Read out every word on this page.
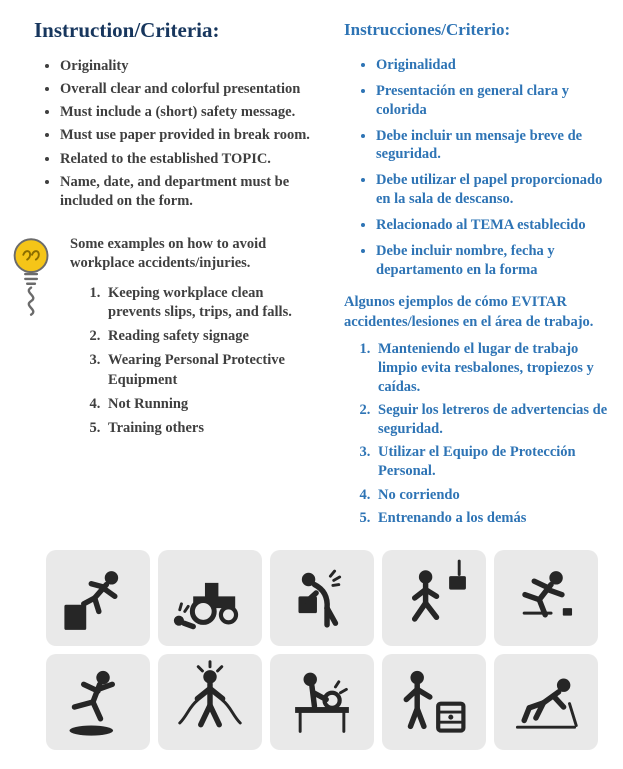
Instruction/Criteria:
• Originality
• Overall clear and colorful presentation
• Must include a (short) safety message.
• Must use paper provided in break room.
• Related to the established TOPIC.
• Name, date, and department must be included on the form.

Some examples on how to avoid workplace accidents/injuries.

1. Keeping workplace clean prevents slips, trips, and falls.
2. Reading safety signage
3. Wearing Personal Protective Equipment
4. Not Running
5. Training others
Instrucciones/Criterio:
• Originalidad
• Presentación en general clara y colorida
• Debe incluir un mensaje breve de seguridad.
• Debe utilizar el papel proporcionado en la sala de descanso.
• Relacionado al TEMA establecido
• Debe incluir nombre, fecha y departamento en la forma

Algunos ejemplos de cómo EVITAR accidentes/lesiones en el área de trabajo.

1. Manteniendo el lugar de trabajo limpio evita resbalones, tropiezos y caídas.
2. Seguir los letreros de advertencias de seguridad.
3. Utilizar el Equipo de Protección Personal.
4. No corriendo
5. Entrenando a los demás
